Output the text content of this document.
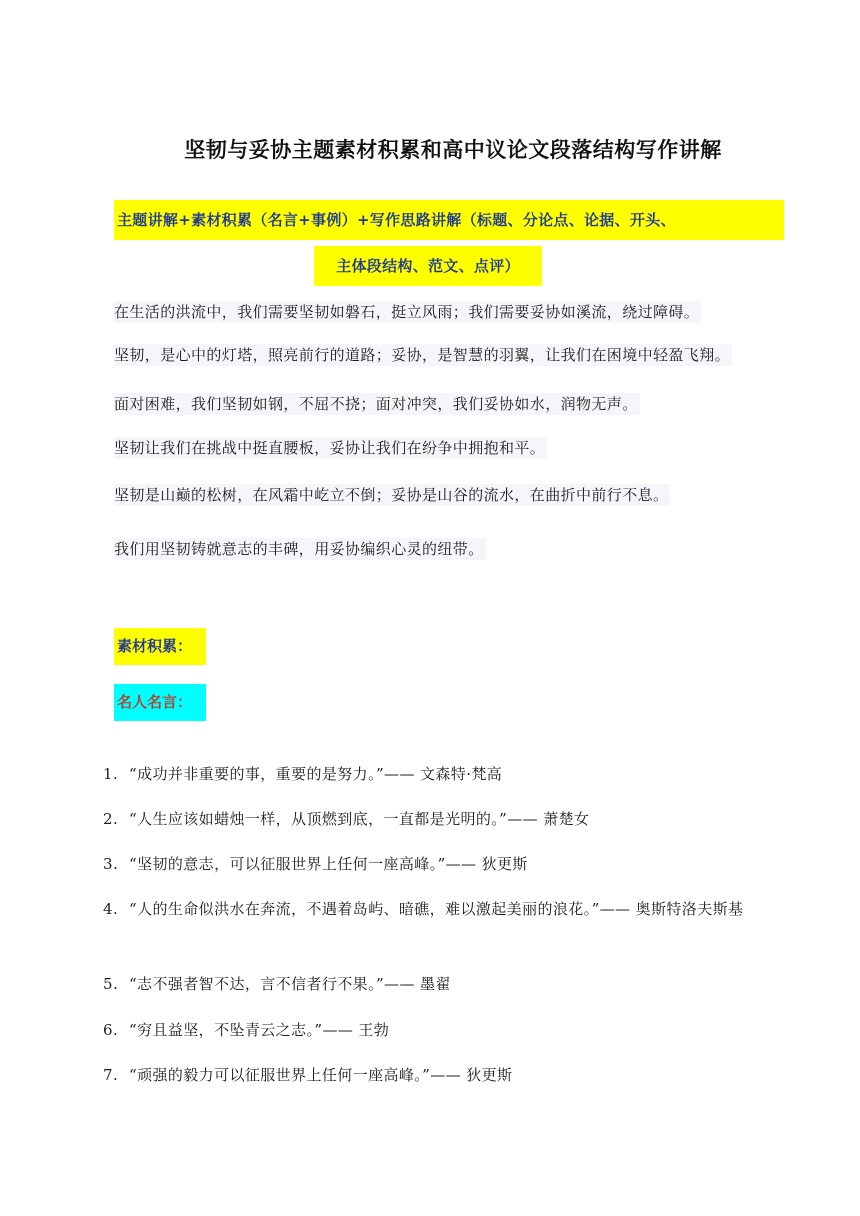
坚韧与妥协主题素材积累和高中议论文段落结构写作讲解
主题讲解+素材积累（名言+事例）+写作思路讲解（标题、分论点、论据、开头、
主体段结构、范文、点评）

在生活的洪流中，我们需要坚韧如磐石，挺立风雨；我们需要妥协如溪流，绕过障碍。

坚韧，是心中的灯塔，照亮前行的道路；妥协，是智慧的羽翼，让我们在困境中轻盈飞翔。

面对困难，我们坚韧如钢，不屈不挠；面对冲突，我们妥协如水，润物无声。

坚韧让我们在挑战中挺直腰板，妥协让我们在纷争中拥抱和平。

坚韧是山巅的松树，在风霜中屹立不倒；妥协是山谷的流水，在曲折中前行不息。

我们用坚韧铸就意志的丰碑，用妥协编织心灵的纽带。

素材积累：
名人名言：
1. “成功并非重要的事，重要的是努力。”—— 文森特·梵高
2. “人生应该如蜡烛一样，从顶燃到底，一直都是光明的。”—— 萧楚女
3. “坚韧的意志，可以征服世界上任何一座高峰。”—— 狄更斯
4. “人的生命似洪水在奔流，不遇着岛屿、暗礁，难以激起美丽的浪花。”—— 奥斯特洛夫斯基
5. “志不强者智不达，言不信者行不果。”—— 墨翟
6. “穷且益坚，不坠青云之志。”—— 王勃
7. “顽强的毅力可以征服世界上任何一座高峰。”—— 狄更斯
